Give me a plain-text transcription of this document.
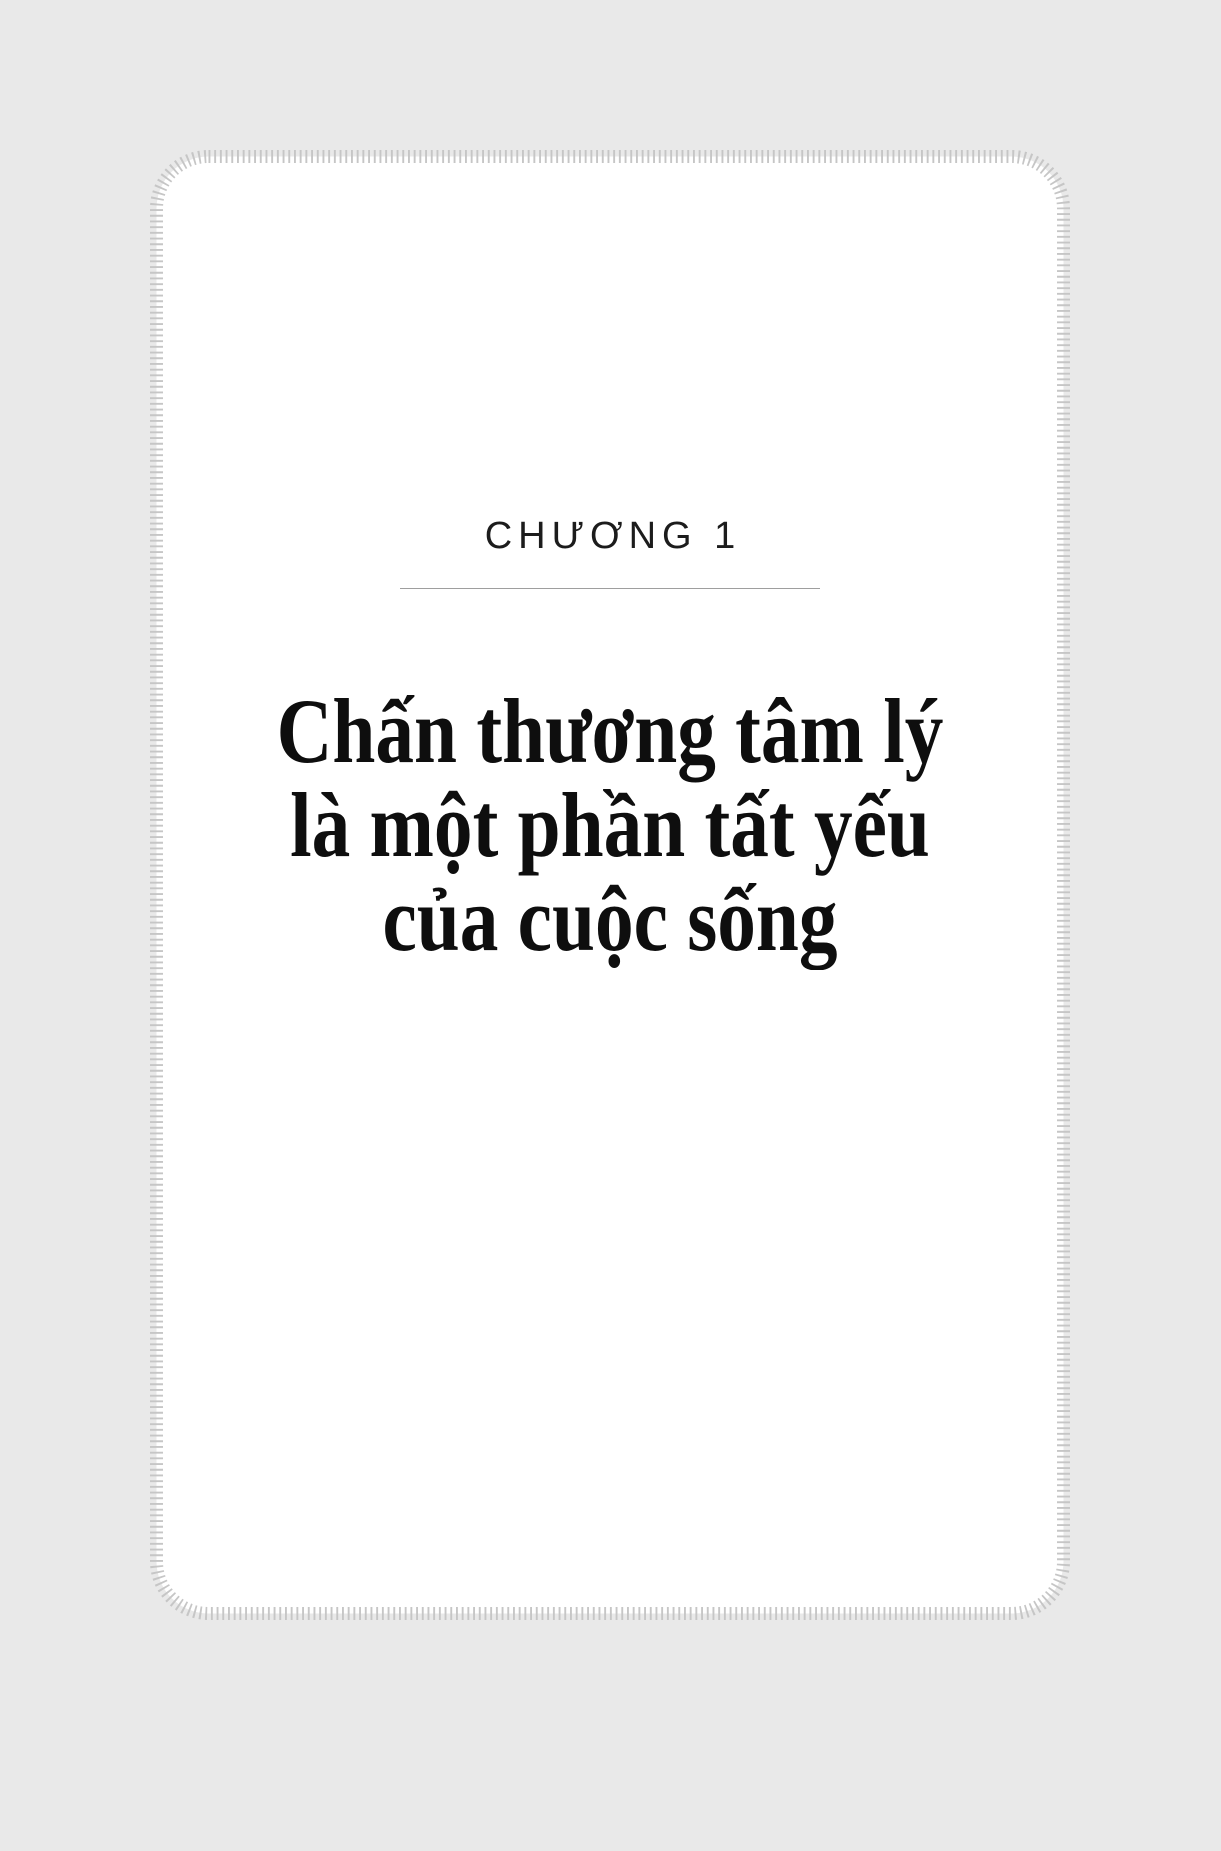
CHƯƠNG 1
Chấn thương tâm lý
là một phần tất yếu
của cuộc sống
